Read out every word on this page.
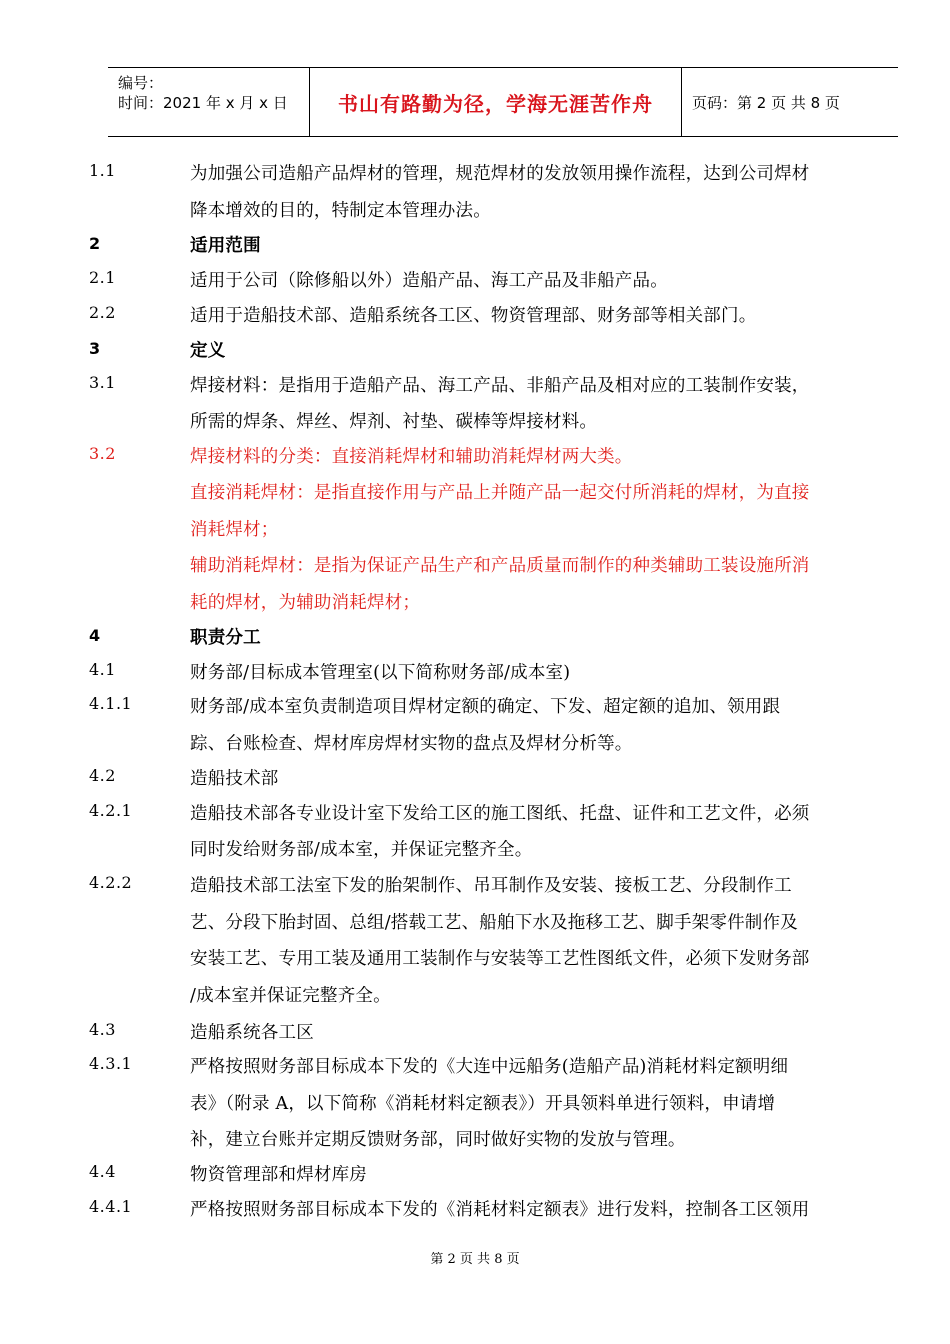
编号：
时间：2021 年 x 月 x 日	书山有路勤为径，学海无涯苦作舟	页码：第 2 页 共 8 页
1.1	为加强公司造船产品焊材的管理，规范焊材的发放领用操作流程，达到公司焊材
降本增效的目的，特制定本管理办法。
2	适用范围
2.1	适用于公司（除修船以外）造船产品、海工产品及非船产品。
2.2	适用于造船技术部、造船系统各工区、物资管理部、财务部等相关部门。
3	定义
3.1	焊接材料：是指用于造船产品、海工产品、非船产品及相对应的工装制作安装，
所需的焊条、焊丝、焊剂、衬垫、碳棒等焊接材料。
3.2	焊接材料的分类：直接消耗焊材和辅助消耗焊材两大类。
直接消耗焊材：是指直接作用与产品上并随产品一起交付所消耗的焊材，为直接
消耗焊材；
辅助消耗焊材：是指为保证产品生产和产品质量而制作的种类辅助工装设施所消
耗的焊材，为辅助消耗焊材；
4	职责分工
4.1	财务部/目标成本管理室(以下简称财务部/成本室)
4.1.1	财务部/成本室负责制造项目焊材定额的确定、下发、超定额的追加、领用跟
踪、台账检查、焊材库房焊材实物的盘点及焊材分析等。
4.2	造船技术部
4.2.1	造船技术部各专业设计室下发给工区的施工图纸、托盘、证件和工艺文件，必须
同时发给财务部/成本室，并保证完整齐全。
4.2.2	造船技术部工法室下发的胎架制作、吊耳制作及安装、接板工艺、分段制作工
艺、分段下胎封固、总组/搭载工艺、船舶下水及拖移工艺、脚手架零件制作及
安装工艺、专用工装及通用工装制作与安装等工艺性图纸文件，必须下发财务部
/成本室并保证完整齐全。
4.3	造船系统各工区
4.3.1	严格按照财务部目标成本下发的《大连中远船务(造船产品)消耗材料定额明细
表》（附录 A，以下简称《消耗材料定额表》）开具领料单进行领料，申请增
补，建立台账并定期反馈财务部，同时做好实物的发放与管理。
4.4	物资管理部和焊材库房
4.4.1	严格按照财务部目标成本下发的《消耗材料定额表》进行发料，控制各工区领用
第 2 页 共 8 页
